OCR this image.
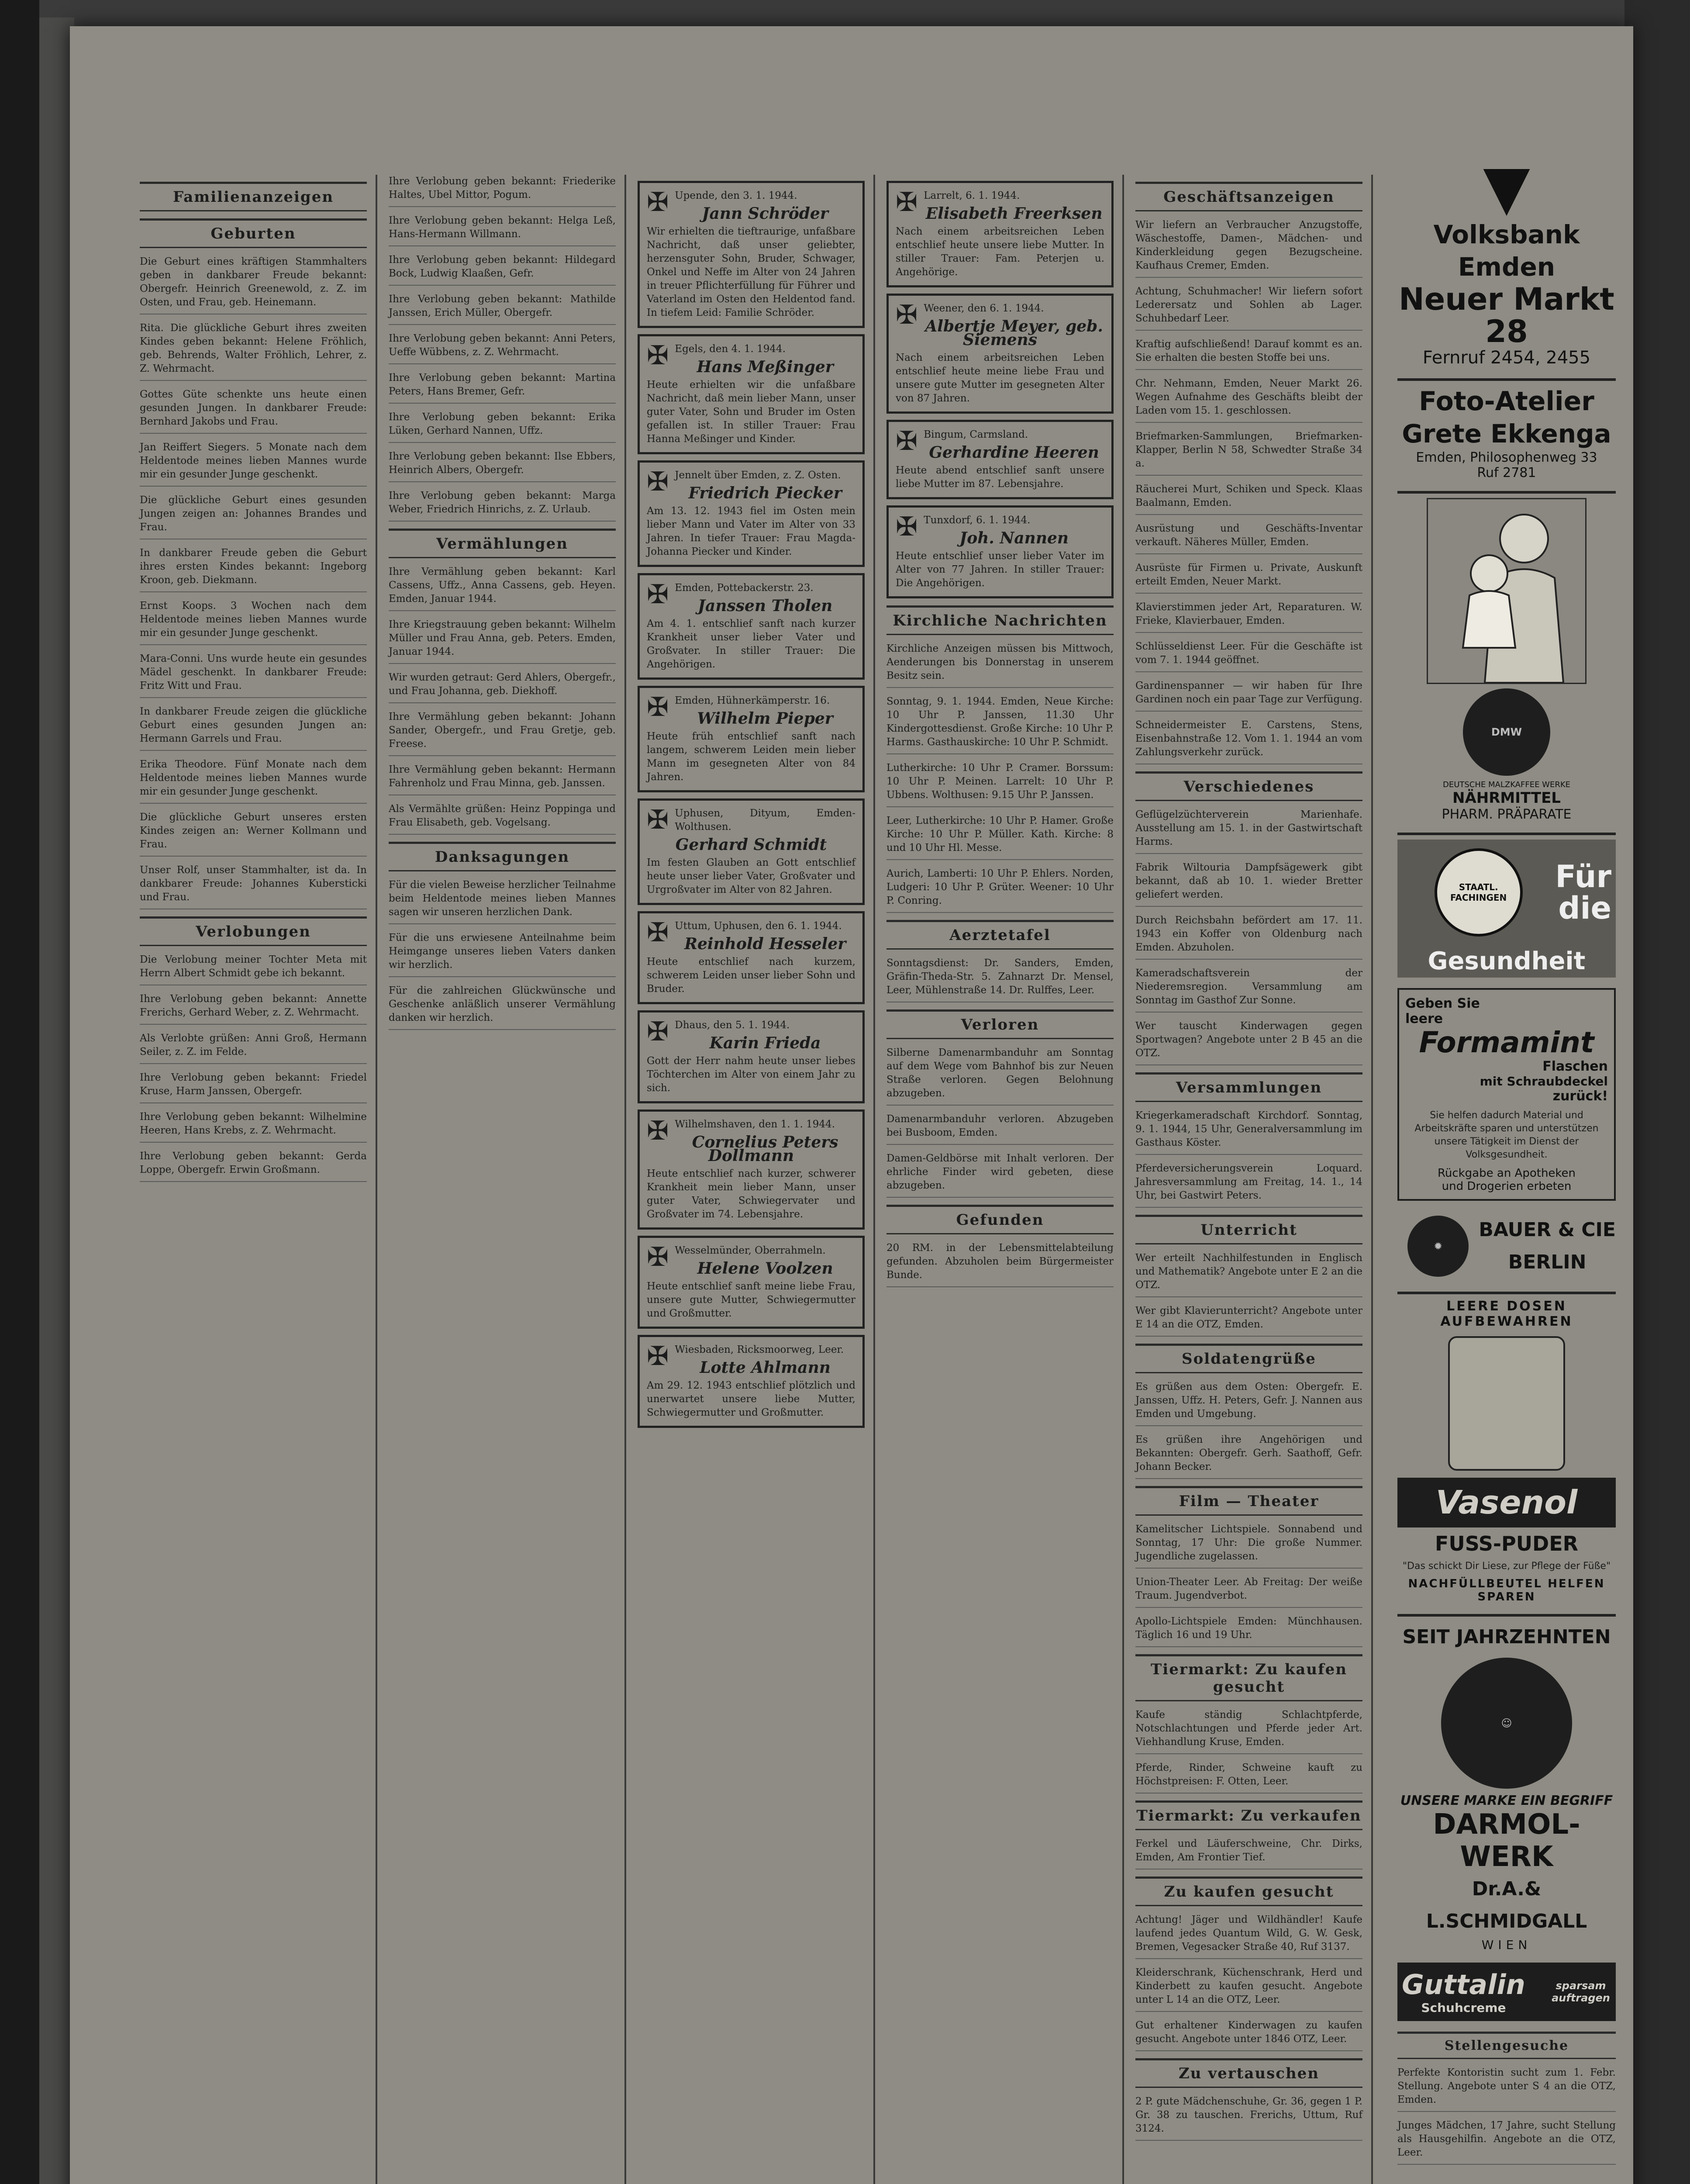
Familienanzeigen
Geburten
Die Geburt eines kräftigen Stammhalters geben in dankbarer Freude bekannt: Obergefr. Heinrich Greenewold, z. Z. im Osten, und Frau, geb. Heinemann.
Rita. Die glückliche Geburt ihres zweiten Kindes geben bekannt: Helene Fröhlich, geb. Behrends, Walter Fröhlich, Lehrer, z. Z. Wehrmacht.
Gottes Güte schenkte uns heute einen gesunden Jungen. In dankbarer Freude: Bernhard Jakobs und Frau.
Jan Reiffert Siegers. 5 Monate nach dem Heldentode meines lieben Mannes wurde mir ein gesunder Junge geschenkt.
Die glückliche Geburt eines gesunden Jungen zeigen an: Johannes Brandes und Frau.
In dankbarer Freude geben die Geburt ihres ersten Kindes bekannt: Ingeborg Kroon, geb. Diekmann.
Ernst Koops. 3 Wochen nach dem Heldentode meines lieben Mannes wurde mir ein gesunder Junge geschenkt.
Mara-Conni. Uns wurde heute ein gesundes Mädel geschenkt. In dankbarer Freude: Fritz Witt und Frau.
In dankbarer Freude zeigen die glückliche Geburt eines gesunden Jungen an: Hermann Garrels und Frau.
Erika Theodore. Fünf Monate nach dem Heldentode meines lieben Mannes wurde mir ein gesunder Junge geschenkt.
Die glückliche Geburt unseres ersten Kindes zeigen an: Werner Kollmann und Frau.
Unser Rolf, unser Stammhalter, ist da. In dankbarer Freude: Johannes Kubersticki und Frau.
Verlobungen
Die Verlobung meiner Tochter Meta mit Herrn Albert Schmidt gebe ich bekannt.
Ihre Verlobung geben bekannt: Annette Frerichs, Gerhard Weber, z. Z. Wehrmacht.
Als Verlobte grüßen: Anni Groß, Hermann Seiler, z. Z. im Felde.
Ihre Verlobung geben bekannt: Friedel Kruse, Harm Janssen, Obergefr.
Ihre Verlobung geben bekannt: Wilhelmine Heeren, Hans Krebs, z. Z. Wehrmacht.
Ihre Verlobung geben bekannt: Gerda Loppe, Obergefr. Erwin Großmann.
Ihre Verlobung geben bekannt: Friederike Haltes, Ubel Mittor, Pogum.
Ihre Verlobung geben bekannt: Helga Leß, Hans-Hermann Willmann.
Ihre Verlobung geben bekannt: Hildegard Bock, Ludwig Klaaßen, Gefr.
Ihre Verlobung geben bekannt: Mathilde Janssen, Erich Müller, Obergefr.
Ihre Verlobung geben bekannt: Anni Peters, Ueffe Wübbens, z. Z. Wehrmacht.
Ihre Verlobung geben bekannt: Martina Peters, Hans Bremer, Gefr.
Ihre Verlobung geben bekannt: Erika Lüken, Gerhard Nannen, Uffz.
Ihre Verlobung geben bekannt: Ilse Ebbers, Heinrich Albers, Obergefr.
Ihre Verlobung geben bekannt: Marga Weber, Friedrich Hinrichs, z. Z. Urlaub.
Vermählungen
Ihre Vermählung geben bekannt: Karl Cassens, Uffz., Anna Cassens, geb. Heyen. Emden, Januar 1944.
Ihre Kriegstrauung geben bekannt: Wilhelm Müller und Frau Anna, geb. Peters. Emden, Januar 1944.
Wir wurden getraut: Gerd Ahlers, Obergefr., und Frau Johanna, geb. Diekhoff.
Ihre Vermählung geben bekannt: Johann Sander, Obergefr., und Frau Gretje, geb. Freese.
Ihre Vermählung geben bekannt: Hermann Fahrenholz und Frau Minna, geb. Janssen.
Als Vermählte grüßen: Heinz Poppinga und Frau Elisabeth, geb. Vogelsang.
Danksagungen
Für die vielen Beweise herzlicher Teilnahme beim Heldentode meines lieben Mannes sagen wir unseren herzlichen Dank.
Für die uns erwiesene Anteilnahme beim Heimgange unseres lieben Vaters danken wir herzlich.
Für die zahlreichen Glückwünsche und Geschenke anläßlich unserer Vermählung danken wir herzlich.
✠ Upende, den 3. 1. 1944.
Jann Schröder
Wir erhielten die tieftraurige, unfaßbare Nachricht, daß unser geliebter, herzensguter Sohn, Bruder, Schwager, Onkel und Neffe im Alter von 24 Jahren in treuer Pflichterfüllung für Führer und Vaterland im Osten den Heldentod fand. In tiefem Leid: Familie Schröder.
✠ Egels, den 4. 1. 1944.
Hans Meßinger
Heute erhielten wir die unfaßbare Nachricht, daß mein lieber Mann, unser guter Vater, Sohn und Bruder im Osten gefallen ist. In stiller Trauer: Frau Hanna Meßinger und Kinder.
✠ Jennelt über Emden, z. Z. Osten.
Friedrich Piecker
Am 13. 12. 1943 fiel im Osten mein lieber Mann und Vater im Alter von 33 Jahren. In tiefer Trauer: Frau Magda-Johanna Piecker und Kinder.
✠ Emden, Pottebackerstr. 23.
Janssen Tholen
Am 4. 1. entschlief sanft nach kurzer Krankheit unser lieber Vater und Großvater. In stiller Trauer: Die Angehörigen.
✠ Emden, Hühnerkämperstr. 16.
Wilhelm Pieper
Heute früh entschlief sanft nach langem, schwerem Leiden mein lieber Mann im gesegneten Alter von 84 Jahren.
✠ Uphusen, Dityum, Emden-Wolthusen.
Gerhard Schmidt
Im festen Glauben an Gott entschlief heute unser lieber Vater, Großvater und Urgroßvater im Alter von 82 Jahren.
✠ Uttum, Uphusen, den 6. 1. 1944.
Reinhold Hesseler
Heute entschlief nach kurzem, schwerem Leiden unser lieber Sohn und Bruder.
✠ Dhaus, den 5. 1. 1944.
Karin Frieda
Gott der Herr nahm heute unser liebes Töchterchen im Alter von einem Jahr zu sich.
✠ Wilhelmshaven, den 1. 1. 1944.
Cornelius Peters Dollmann
Heute entschlief nach kurzer, schwerer Krankheit mein lieber Mann, unser guter Vater, Schwiegervater und Großvater im 74. Lebensjahre.
✠ Wesselmünder, Oberrahmeln.
Helene Voolzen
Heute entschlief sanft meine liebe Frau, unsere gute Mutter, Schwiegermutter und Großmutter.
✠ Wiesbaden, Ricksmoorweg, Leer.
Lotte Ahlmann
Am 29. 12. 1943 entschlief plötzlich und unerwartet unsere liebe Mutter, Schwiegermutter und Großmutter.
✠ Larrelt, 6. 1. 1944.
Elisabeth Freerksen
Nach einem arbeitsreichen Leben entschlief heute unsere liebe Mutter. In stiller Trauer: Fam. Peterjen u. Angehörige.
✠ Weener, den 6. 1. 1944.
Albertje Meyer, geb. Siemens
Nach einem arbeitsreichen Leben entschlief heute meine liebe Frau und unsere gute Mutter im gesegneten Alter von 87 Jahren.
✠ Bingum, Carmsland.
Gerhardine Heeren
Heute abend entschlief sanft unsere liebe Mutter im 87. Lebensjahre.
✠ Tunxdorf, 6. 1. 1944.
Joh. Nannen
Heute entschlief unser lieber Vater im Alter von 77 Jahren. In stiller Trauer: Die Angehörigen.
Kirchliche Nachrichten
Kirchliche Anzeigen müssen bis Mittwoch, Aenderungen bis Donnerstag in unserem Besitz sein.
Sonntag, 9. 1. 1944. Emden, Neue Kirche: 10 Uhr P. Janssen, 11.30 Uhr Kindergottesdienst. Große Kirche: 10 Uhr P. Harms. Gasthauskirche: 10 Uhr P. Schmidt.
Lutherkirche: 10 Uhr P. Cramer. Borssum: 10 Uhr P. Meinen. Larrelt: 10 Uhr P. Ubbens. Wolthusen: 9.15 Uhr P. Janssen.
Leer, Lutherkirche: 10 Uhr P. Hamer. Große Kirche: 10 Uhr P. Müller. Kath. Kirche: 8 und 10 Uhr Hl. Messe.
Aurich, Lamberti: 10 Uhr P. Ehlers. Norden, Ludgeri: 10 Uhr P. Grüter. Weener: 10 Uhr P. Conring.
Aerztetafel
Sonntagsdienst: Dr. Sanders, Emden, Gräfin-Theda-Str. 5. Zahnarzt Dr. Mensel, Leer, Mühlenstraße 14. Dr. Rulffes, Leer.
Verloren
Silberne Damenarmbanduhr am Sonntag auf dem Wege vom Bahnhof bis zur Neuen Straße verloren. Gegen Belohnung abzugeben.
Damenarmbanduhr verloren. Abzugeben bei Busboom, Emden.
Damen-Geldbörse mit Inhalt verloren. Der ehrliche Finder wird gebeten, diese abzugeben.
Gefunden
20 RM. in der Lebensmittelabteilung gefunden. Abzuholen beim Bürgermeister Bunde.
Geschäftsanzeigen
Wir liefern an Verbraucher Anzugstoffe, Wäschestoffe, Damen-, Mädchen- und Kinderkleidung gegen Bezugscheine. Kaufhaus Cremer, Emden.
Achtung, Schuhmacher! Wir liefern sofort Lederersatz und Sohlen ab Lager. Schuhbedarf Leer.
Kraftig aufschließend! Darauf kommt es an. Sie erhalten die besten Stoffe bei uns.
Chr. Nehmann, Emden, Neuer Markt 26. Wegen Aufnahme des Geschäfts bleibt der Laden vom 15. 1. geschlossen.
Briefmarken-Sammlungen, Briefmarken-Klapper, Berlin N 58, Schwedter Straße 34 a.
Räucherei Murt, Schiken und Speck. Klaas Baalmann, Emden.
Ausrüstung und Geschäfts-Inventar verkauft. Näheres Müller, Emden.
Ausrüste für Firmen u. Private, Auskunft erteilt Emden, Neuer Markt.
Klavierstimmen jeder Art, Reparaturen. W. Frieke, Klavierbauer, Emden.
Schlüsseldienst Leer. Für die Geschäfte ist vom 7. 1. 1944 geöffnet.
Gardinenspanner — wir haben für Ihre Gardinen noch ein paar Tage zur Verfügung.
Schneidermeister E. Carstens, Stens, Eisenbahnstraße 12. Vom 1. 1. 1944 an vom Zahlungsverkehr zurück.
Verschiedenes
Geflügelzüchterverein Marienhafe. Ausstellung am 15. 1. in der Gastwirtschaft Harms.
Fabrik Wiltouria Dampfsägewerk gibt bekannt, daß ab 10. 1. wieder Bretter geliefert werden.
Durch Reichsbahn befördert am 17. 11. 1943 ein Koffer von Oldenburg nach Emden. Abzuholen.
Kameradschaftsverein der Niederemsregion. Versammlung am Sonntag im Gasthof Zur Sonne.
Wer tauscht Kinderwagen gegen Sportwagen? Angebote unter 2 B 45 an die OTZ.
Versammlungen
Kriegerkameradschaft Kirchdorf. Sonntag, 9. 1. 1944, 15 Uhr, Generalversammlung im Gasthaus Köster.
Pferdeversicherungsverein Loquard. Jahresversammlung am Freitag, 14. 1., 14 Uhr, bei Gastwirt Peters.
Unterricht
Wer erteilt Nachhilfestunden in Englisch und Mathematik? Angebote unter E 2 an die OTZ.
Wer gibt Klavierunterricht? Angebote unter E 14 an die OTZ, Emden.
Soldatengrüße
Es grüßen aus dem Osten: Obergefr. E. Janssen, Uffz. H. Peters, Gefr. J. Nannen aus Emden und Umgebung.
Es grüßen ihre Angehörigen und Bekannten: Obergefr. Gerh. Saathoff, Gefr. Johann Becker.
Film — Theater
Kamelitscher Lichtspiele. Sonnabend und Sonntag, 17 Uhr: Die große Nummer. Jugendliche zugelassen.
Union-Theater Leer. Ab Freitag: Der weiße Traum. Jugendverbot.
Apollo-Lichtspiele Emden: Münchhausen. Täglich 16 und 19 Uhr.
Tiermarkt: Zu kaufen gesucht
Kaufe ständig Schlachtpferde, Notschlachtungen und Pferde jeder Art. Viehhandlung Kruse, Emden.
Pferde, Rinder, Schweine kauft zu Höchstpreisen: F. Otten, Leer.
Tiermarkt: Zu verkaufen
Ferkel und Läuferschweine, Chr. Dirks, Emden, Am Frontier Tief.
Zu kaufen gesucht
Achtung! Jäger und Wildhändler! Kaufe laufend jedes Quantum Wild, G. W. Gesk, Bremen, Vegesacker Straße 40, Ruf 3137.
Kleiderschrank, Küchenschrank, Herd und Kinderbett zu kaufen gesucht. Angebote unter L 14 an die OTZ, Leer.
Gut erhaltener Kinderwagen zu kaufen gesucht. Angebote unter 1846 OTZ, Leer.
Zu vertauschen
2 P. gute Mädchenschuhe, Gr. 36, gegen 1 P. Gr. 38 zu tauschen. Frerichs, Uttum, Ruf 3124.
▼
Volksbank Emden
Neuer Markt 28
Fernruf 2454, 2455
Foto-Atelier
Grete Ekkenga
Emden, Philosophenweg 33
Ruf 2781
DMW
DEUTSCHE MALZKAFFEE WERKE
NÄHRMITTEL
PHARM. PRÄPARATE
STAATL. FACHINGEN
Für
die
Gesundheit
Geben Sie
leere
Formamint
Flaschen
mit Schraubdeckel
zurück!
Sie helfen dadurch Material und Arbeitskräfte sparen und unterstützen unsere Tätigkeit im Dienst der Volksgesundheit.
Rückgabe an Apotheken
und Drogerien erbeten
✹
BAUER & CIE
BERLIN
LEERE DOSEN AUFBEWAHREN
Vasenol
FUSS-PUDER
"Das schickt Dir Liese, zur Pflege der Füße"
NACHFÜLLBEUTEL HELFEN SPAREN
SEIT JAHRZEHNTEN
☺
UNSERE MARKE EIN BEGRIFF
DARMOL-WERK
Dr.A.& L.SCHMIDGALL
WIEN
Guttalin
Schuhcreme
sparsam auftragen
Stellengesuche
Perfekte Kontoristin sucht zum 1. Febr. Stellung. Angebote unter S 4 an die OTZ, Emden.
Junges Mädchen, 17 Jahre, sucht Stellung als Hausgehilfin. Angebote an die OTZ, Leer.
